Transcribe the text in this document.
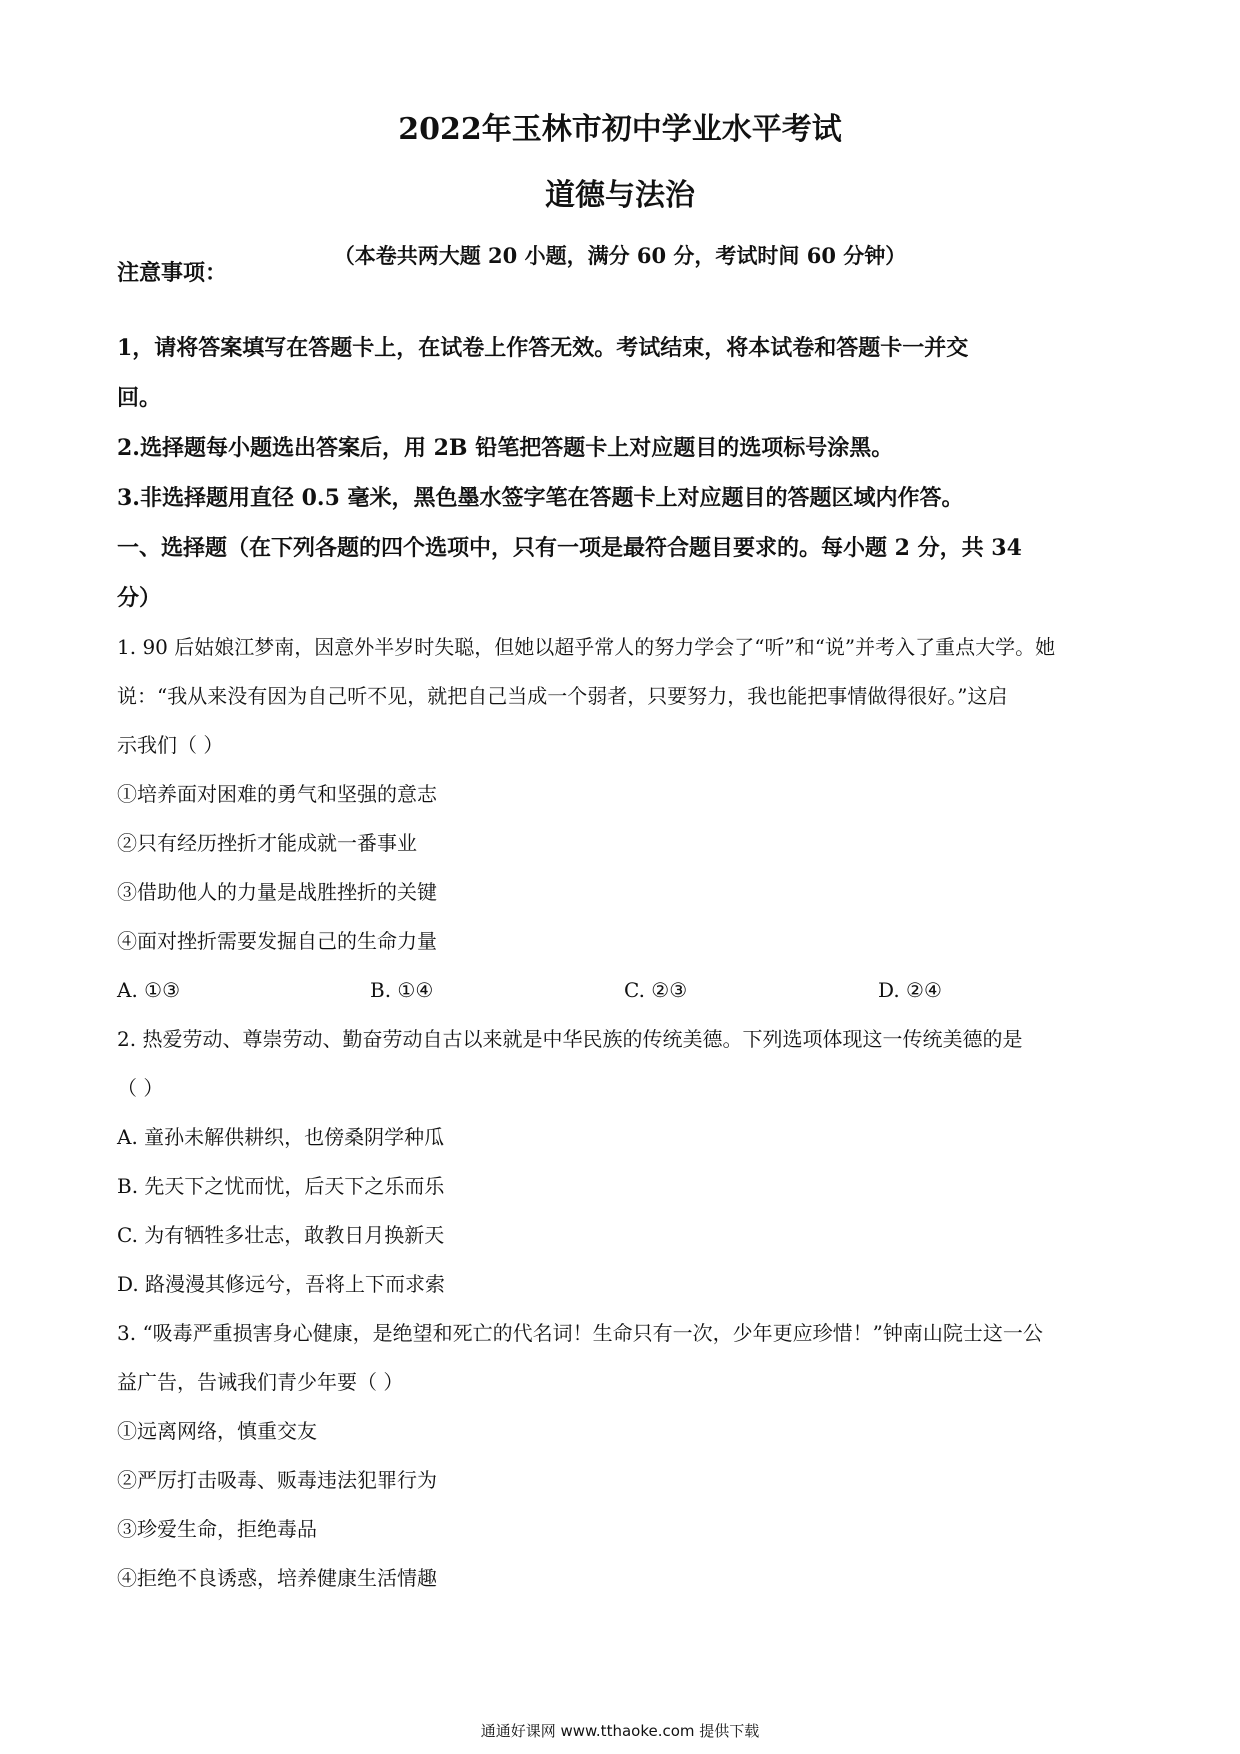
2022年玉林市初中学业水平考试
道德与法治
（本卷共两大题 20 小题，满分 60 分，考试时间 60 分钟）
注意事项：
1，请将答案填写在答题卡上，在试卷上作答无效。考试结束，将本试卷和答题卡一并交
回。
2.选择题每小题选出答案后，用 2B 铅笔把答题卡上对应题目的选项标号涂黑。
3.非选择题用直径 0.5 毫米，黑色墨水签字笔在答题卡上对应题目的答题区域内作答。
一、选择题（在下列各题的四个选项中，只有一项是最符合题目要求的。每小题 2 分，共 34
分）
1. 90 后姑娘江梦南，因意外半岁时失聪，但她以超乎常人的努力学会了“听”和“说”并考入了重点大学。她
说：“我从来没有因为自己听不见，就把自己当成一个弱者，只要努力，我也能把事情做得很好。”这启
示我们（ ）
①培养面对困难的勇气和坚强的意志
②只有经历挫折才能成就一番事业
③借助他人的力量是战胜挫折的关键
④面对挫折需要发掘自己的生命力量
A. ①③	B. ①④	C. ②③	D. ②④
2. 热爱劳动、尊崇劳动、勤奋劳动自古以来就是中华民族的传统美德。下列选项体现这一传统美德的是
（ ）
A. 童孙未解供耕织，也傍桑阴学种瓜
B. 先天下之忧而忧，后天下之乐而乐
C. 为有牺牲多壮志，敢教日月换新天
D. 路漫漫其修远兮，吾将上下而求索
3. “吸毒严重损害身心健康，是绝望和死亡的代名词！生命只有一次，少年更应珍惜！”钟南山院士这一公
益广告，告诫我们青少年要（ ）
①远离网络，慎重交友
②严厉打击吸毒、贩毒违法犯罪行为
③珍爱生命，拒绝毒品
④拒绝不良诱惑，培养健康生活情趣
通通好课网 www.tthaoke.com 提供下载
